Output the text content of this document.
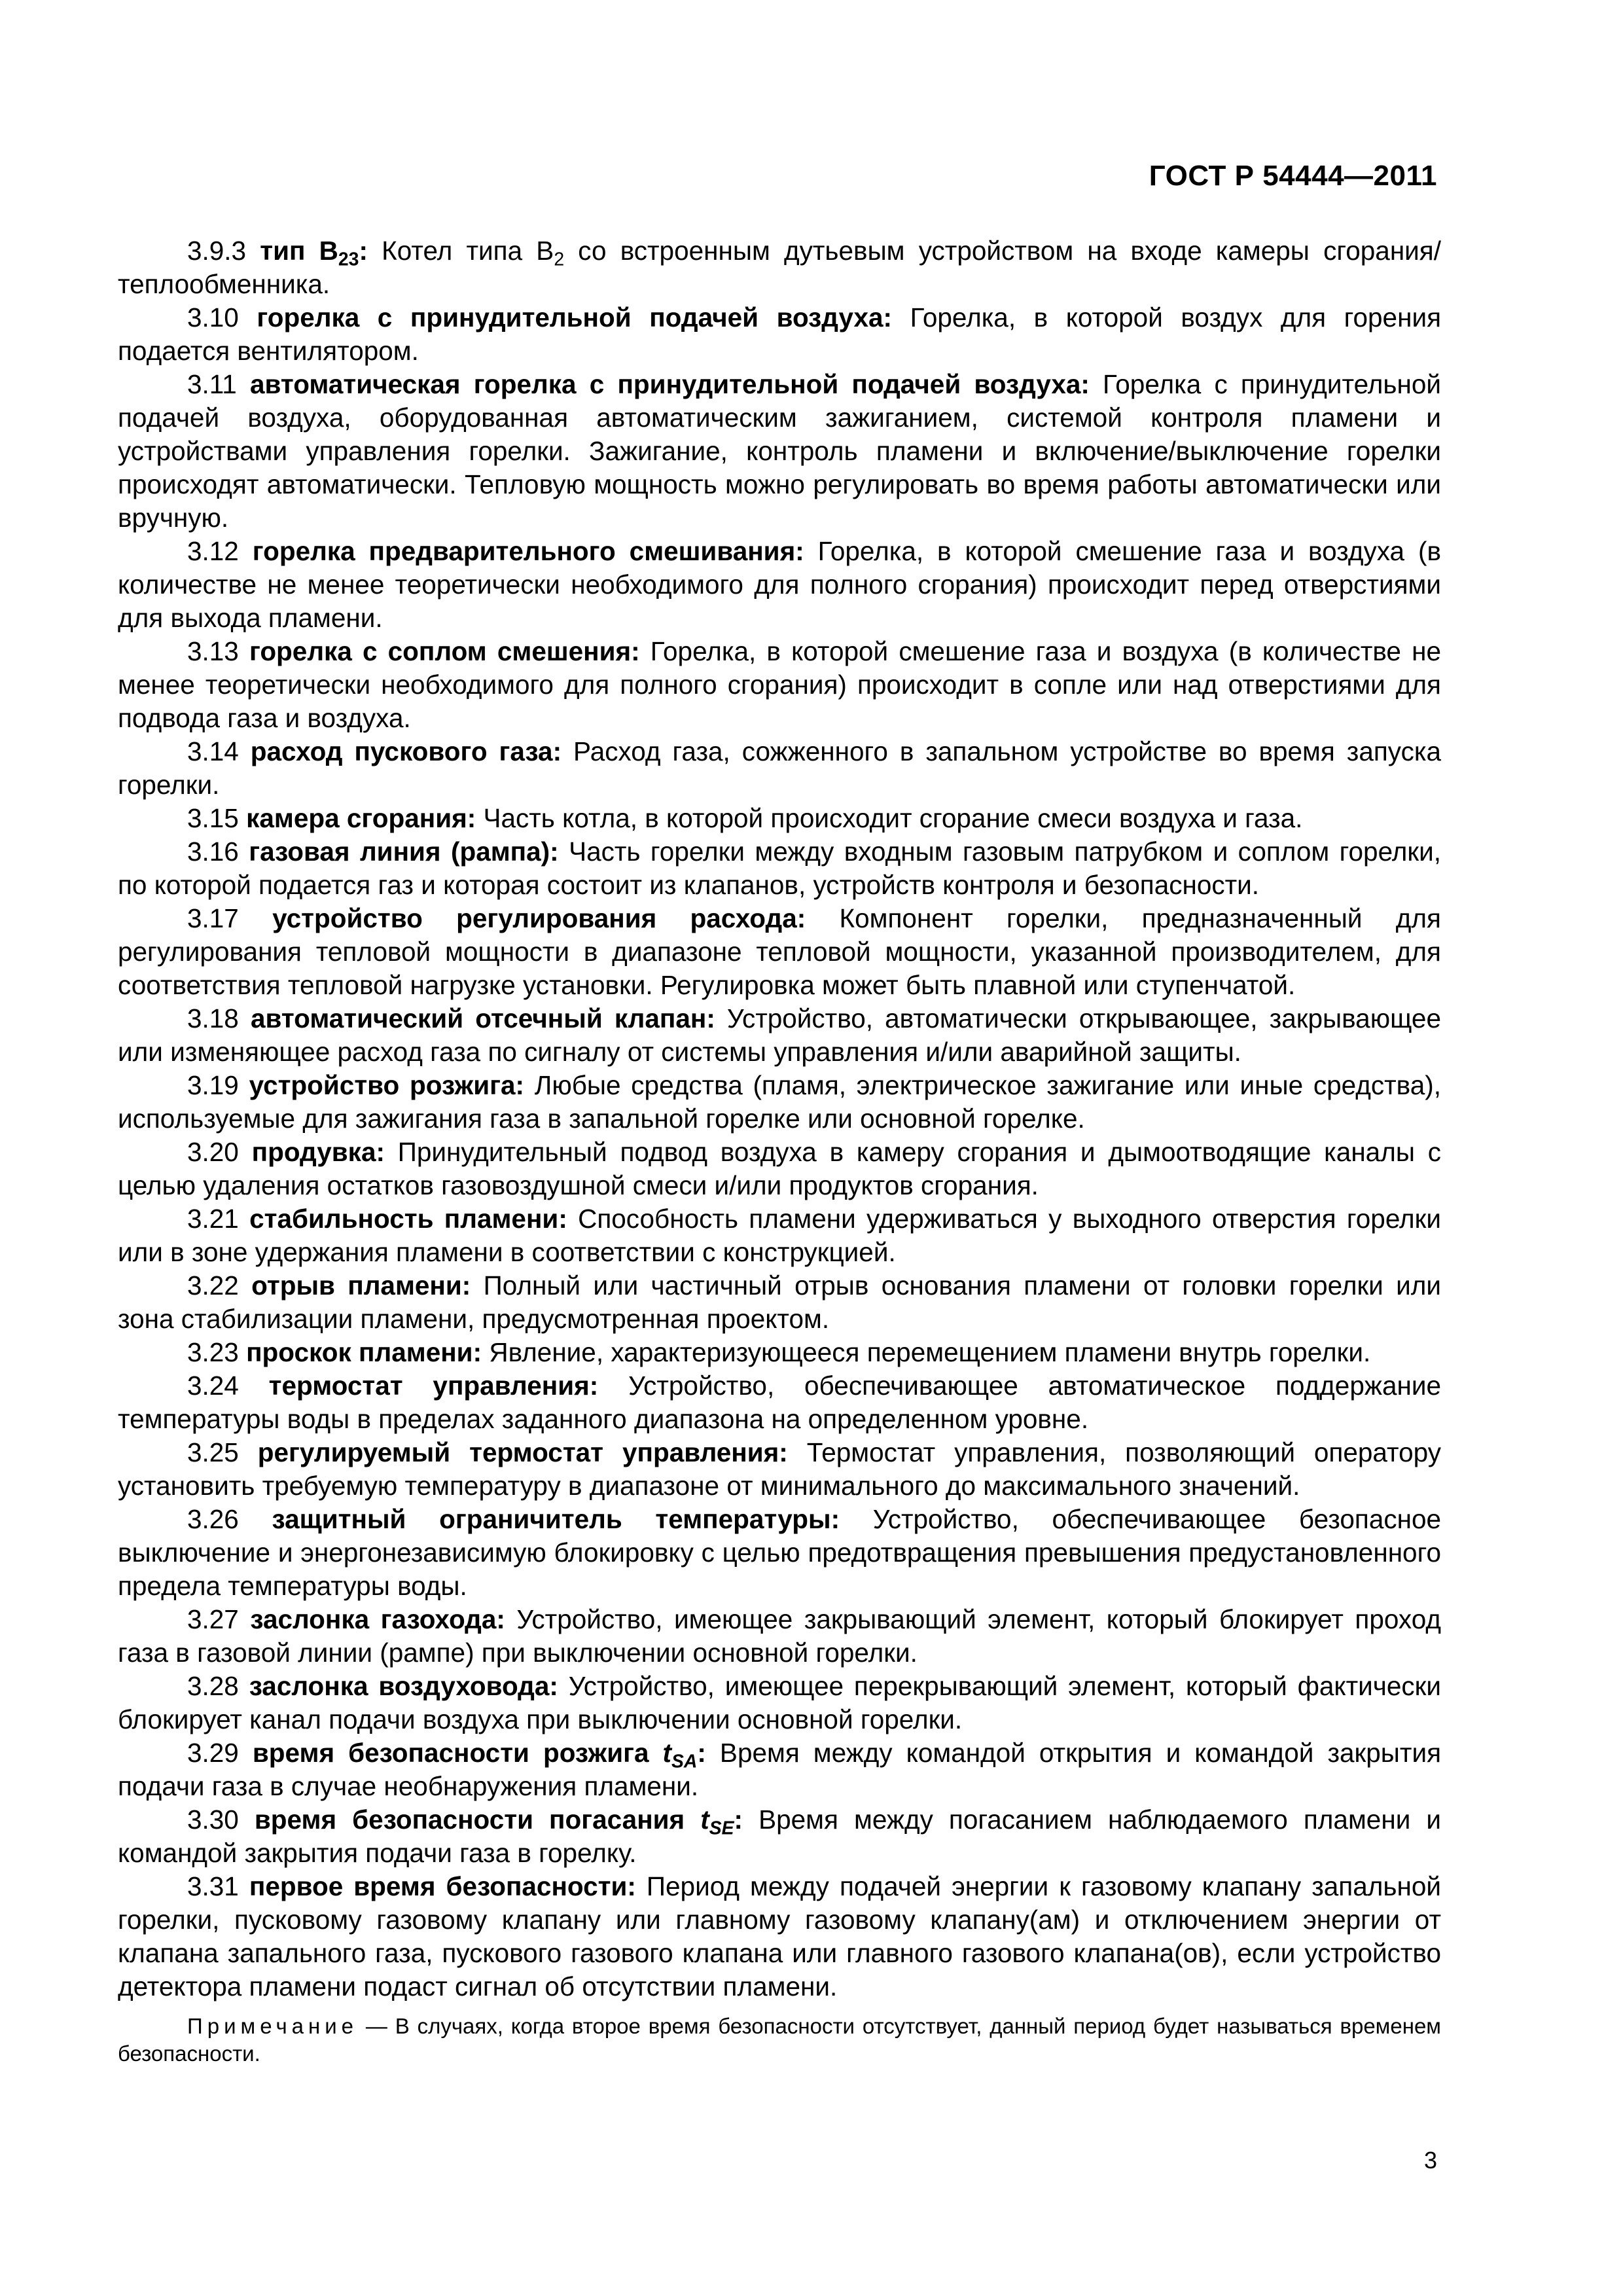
ГОСТ Р 54444—2011

3.9.3 тип $В_{23}$: Котел типа $В_2$ со встроенным дутьевым устройством на входе камеры сгорания/теплообменника.

3.10 горелка с принудительной подачей воздуха: Горелка, в которой воздух для горения подается вентилятором.

3.11 автоматическая горелка с принудительной подачей воздуха: Горелка с принудительной подачей воздуха, оборудованная автоматическим зажиганием, системой контроля пламени и устройствами управления горелки. Зажигание, контроль пламени и включение/выключение горелки происходят автоматически. Тепловую мощность можно регулировать во время работы автоматически или вручную.

3.12 горелка предварительного смешивания: Горелка, в которой смешение газа и воздуха (в количестве не менее теоретически необходимого для полного сгорания) происходит перед отверстиями для выхода пламени.

3.13 горелка с соплом смешения: Горелка, в которой смешение газа и воздуха (в количестве не менее теоретически необходимого для полного сгорания) происходит в сопле или над отверстиями для подвода газа и воздуха.

3.14 расход пускового газа: Расход газа, сожженного в запальном устройстве во время запуска горелки.

3.15 камера сгорания: Часть котла, в которой происходит сгорание смеси воздуха и газа.

3.16 газовая линия (рампа): Часть горелки между входным газовым патрубком и соплом горелки, по которой подается газ и которая состоит из клапанов, устройств контроля и безопасности.

3.17 устройство регулирования расхода: Компонент горелки, предназначенный для регулирования тепловой мощности в диапазоне тепловой мощности, указанной производителем, для соответствия тепловой нагрузке установки. Регулировка может быть плавной или ступенчатой.

3.18 автоматический отсечный клапан: Устройство, автоматически открывающее, закрывающее или изменяющее расход газа по сигналу от системы управления и/или аварийной защиты.

3.19 устройство розжига: Любые средства (пламя, электрическое зажигание или иные средства), используемые для зажигания газа в запальной горелке или основной горелке.

3.20 продувка: Принудительный подвод воздуха в камеру сгорания и дымоотводящие каналы с целью удаления остатков газовоздушной смеси и/или продуктов сгорания.

3.21 стабильность пламени: Способность пламени удерживаться у выходного отверстия горелки или в зоне удержания пламени в соответствии с конструкцией.

3.22 отрыв пламени: Полный или частичный отрыв основания пламени от головки горелки или зона стабилизации пламени, предусмотренная проектом.

3.23 проскок пламени: Явление, характеризующееся перемещением пламени внутрь горелки.

3.24 термостат управления: Устройство, обеспечивающее автоматическое поддержание температуры воды в пределах заданного диапазона на определенном уровне.

3.25 регулируемый термостат управления: Термостат управления, позволяющий оператору установить требуемую температуру в диапазоне от минимального до максимального значений.

3.26 защитный ограничитель температуры: Устройство, обеспечивающее безопасное выключение и энергонезависимую блокировку с целью предотвращения превышения предустановленного предела температуры воды.

3.27 заслонка газохода: Устройство, имеющее закрывающий элемент, который блокирует проход газа в газовой линии (рампе) при выключении основной горелки.

3.28 заслонка воздуховода: Устройство, имеющее перекрывающий элемент, который фактически блокирует канал подачи воздуха при выключении основной горелки.

3.29 время безопасности розжига $t_{SA}$: Время между командой открытия и командой закрытия подачи газа в случае необнаружения пламени.

3.30 время безопасности погасания $t_{SE}$: Время между погасанием наблюдаемого пламени и командой закрытия подачи газа в горелку.

3.31 первое время безопасности: Период между подачей энергии к газовому клапану запальной горелки, пусковому газовому клапану или главному газовому клапану(ам) и отключением энергии от клапана запального газа, пускового газового клапана или главного газового клапана(ов), если устройство детектора пламени подаст сигнал об отсутствии пламени.

Примечание — В случаях, когда второе время безопасности отсутствует, данный период будет называться временем безопасности.

3
